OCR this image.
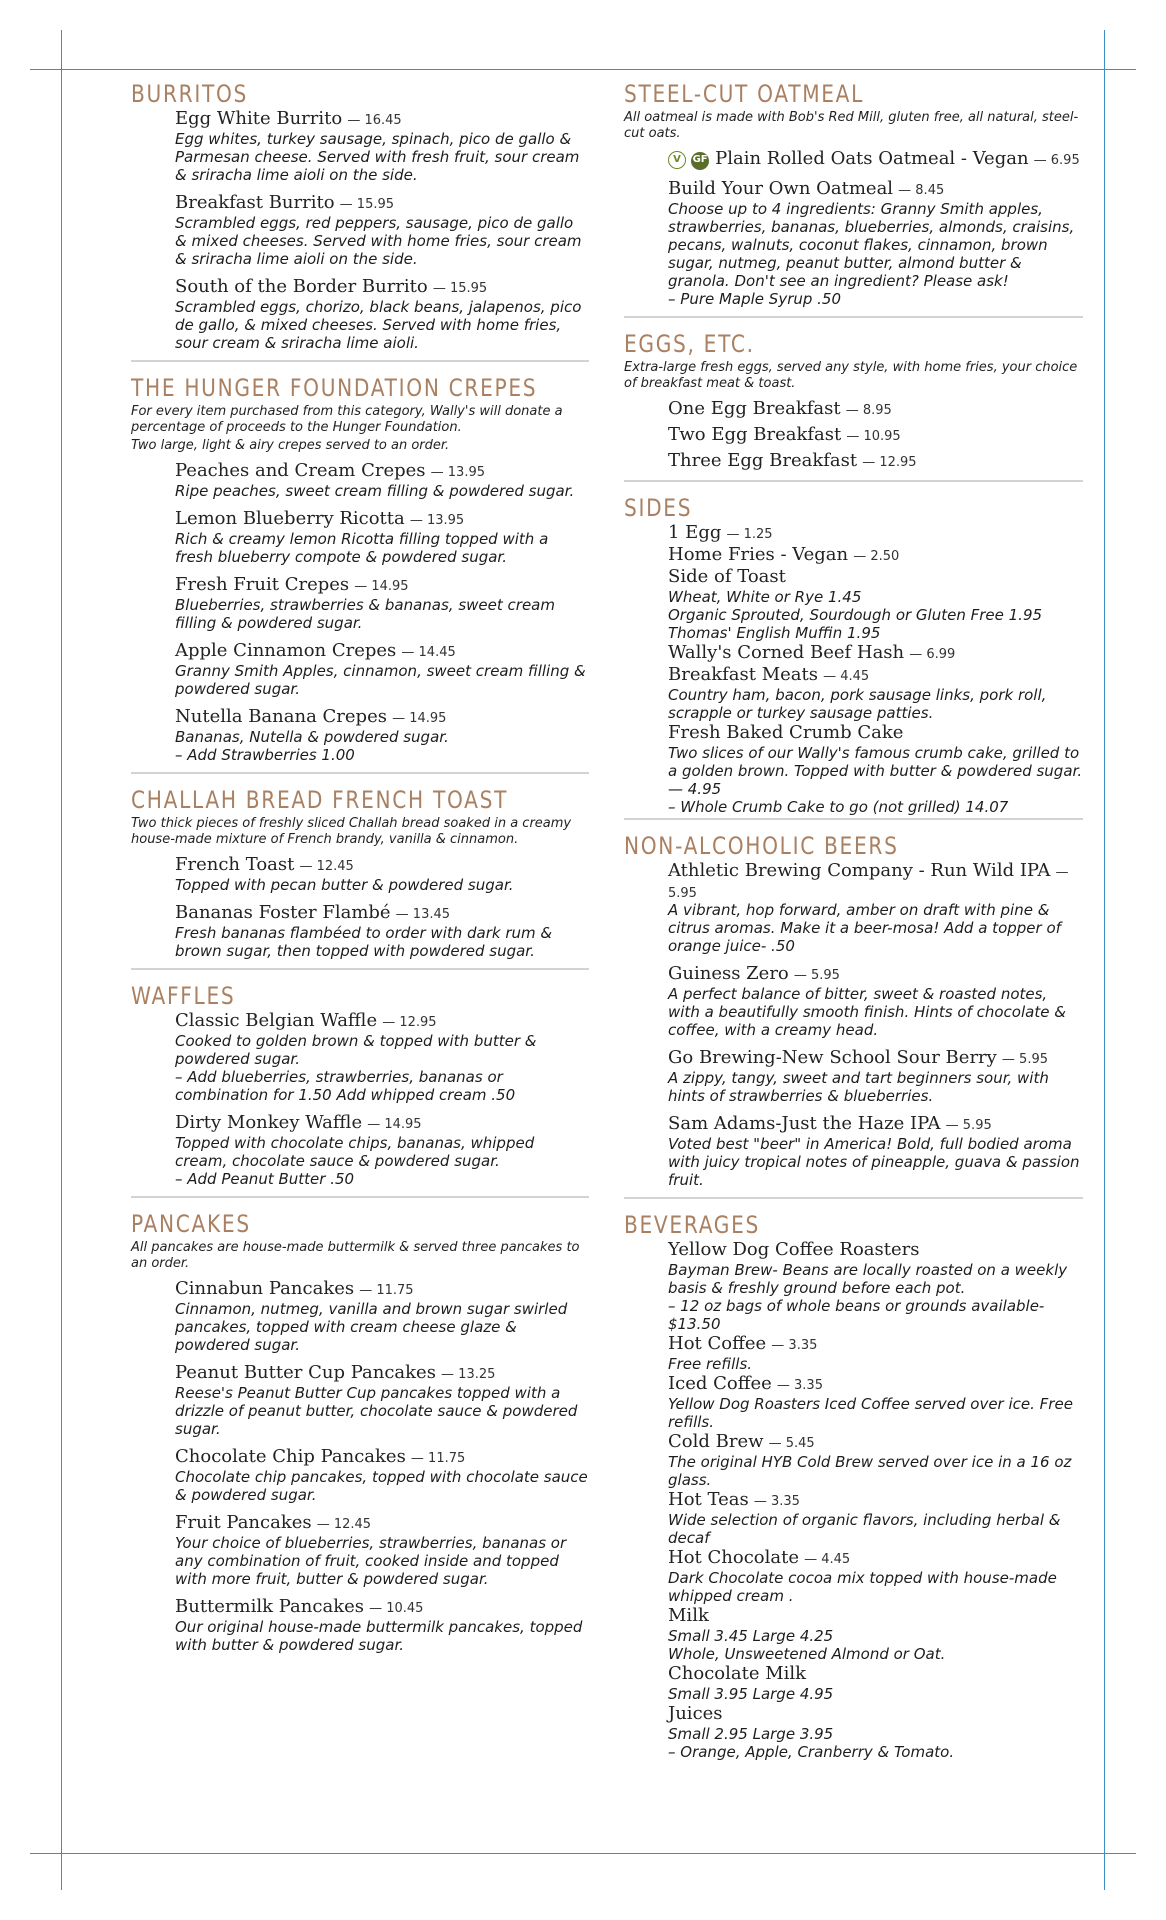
BURRITOS
Egg White Burrito — 16.45
Egg whites, turkey sausage, spinach, pico de gallo & Parmesan cheese. Served with fresh fruit, sour cream & sriracha lime aioli on the side.
Breakfast Burrito — 15.95
Scrambled eggs, red peppers, sausage, pico de gallo & mixed cheeses. Served with home fries, sour cream & sriracha lime aioli on the side.
South of the Border Burrito — 15.95
Scrambled eggs, chorizo, black beans, jalapenos, pico de gallo, & mixed cheeses. Served with home fries, sour cream & sriracha lime aioli.
THE HUNGER FOUNDATION CREPES
For every item purchased from this category, Wally's will donate a percentage of proceeds to the Hunger Foundation.
Two large, light & airy crepes served to an order.
Peaches and Cream Crepes — 13.95
Ripe peaches, sweet cream filling & powdered sugar.
Lemon Blueberry Ricotta — 13.95
Rich & creamy lemon Ricotta filling topped with a fresh blueberry compote & powdered sugar.
Fresh Fruit Crepes — 14.95
Blueberries, strawberries & bananas, sweet cream filling & powdered sugar.
Apple Cinnamon Crepes — 14.45
Granny Smith Apples, cinnamon, sweet cream filling & powdered sugar.
Nutella Banana Crepes — 14.95
Bananas, Nutella & powdered sugar.
– Add Strawberries 1.00
CHALLAH BREAD FRENCH TOAST
Two thick pieces of freshly sliced Challah bread soaked in a creamy house-made mixture of French brandy, vanilla & cinnamon.
French Toast — 12.45
Topped with pecan butter & powdered sugar.
Bananas Foster Flambé — 13.45
Fresh bananas flambéed to order with dark rum & brown sugar, then topped with powdered sugar.
WAFFLES
Classic Belgian Waffle — 12.95
Cooked to golden brown & topped with butter & powdered sugar.
– Add blueberries, strawberries, bananas or combination for 1.50 Add whipped cream .50
Dirty Monkey Waffle — 14.95
Topped with chocolate chips, bananas, whipped cream, chocolate sauce & powdered sugar.
– Add Peanut Butter .50
PANCAKES
All pancakes are house-made buttermilk & served three pancakes to an order.
Cinnabun Pancakes — 11.75
Cinnamon, nutmeg, vanilla and brown sugar swirled pancakes, topped with cream cheese glaze & powdered sugar.
Peanut Butter Cup Pancakes — 13.25
Reese's Peanut Butter Cup pancakes topped with a drizzle of peanut butter, chocolate sauce & powdered sugar.
Chocolate Chip Pancakes — 11.75
Chocolate chip pancakes, topped with chocolate sauce & powdered sugar.
Fruit Pancakes — 12.45
Your choice of blueberries, strawberries, bananas or any combination of fruit, cooked inside and topped with more fruit, butter & powdered sugar.
Buttermilk Pancakes — 10.45
Our original house-made buttermilk pancakes, topped with butter & powdered sugar.
STEEL-CUT OATMEAL
All oatmeal is made with Bob's Red Mill, gluten free, all natural, steel-cut oats.
V GF Plain Rolled Oats Oatmeal - Vegan — 6.95
Build Your Own Oatmeal — 8.45
Choose up to 4 ingredients: Granny Smith apples, strawberries, bananas, blueberries, almonds, craisins, pecans, walnuts, coconut flakes, cinnamon, brown sugar, nutmeg, peanut butter, almond butter & granola. Don't see an ingredient? Please ask!
– Pure Maple Syrup .50
EGGS, ETC.
Extra-large fresh eggs, served any style, with home fries, your choice of breakfast meat & toast.
One Egg Breakfast — 8.95
Two Egg Breakfast — 10.95
Three Egg Breakfast — 12.95
SIDES
1 Egg — 1.25
Home Fries - Vegan — 2.50
Side of Toast
Wheat, White or Rye 1.45
Organic Sprouted, Sourdough or Gluten Free 1.95
Thomas' English Muffin 1.95
Wally's Corned Beef Hash — 6.99
Breakfast Meats — 4.45
Country ham, bacon, pork sausage links, pork roll, scrapple or turkey sausage patties.
Fresh Baked Crumb Cake
Two slices of our Wally's famous crumb cake, grilled to a golden brown. Topped with butter & powdered sugar. — 4.95
– Whole Crumb Cake to go (not grilled) 14.07
NON-ALCOHOLIC BEERS
Athletic Brewing Company - Run Wild IPA — 5.95
A vibrant, hop forward, amber on draft with pine & citrus aromas. Make it a beer-mosa! Add a topper of orange juice- .50
Guiness Zero — 5.95
A perfect balance of bitter, sweet & roasted notes, with a beautifully smooth finish. Hints of chocolate & coffee, with a creamy head.
Go Brewing-New School Sour Berry — 5.95
A zippy, tangy, sweet and tart beginners sour, with hints of strawberries & blueberries.
Sam Adams-Just the Haze IPA — 5.95
Voted best "beer" in America! Bold, full bodied aroma with juicy tropical notes of pineapple, guava & passion fruit.
BEVERAGES
Yellow Dog Coffee Roasters
Bayman Brew- Beans are locally roasted on a weekly basis & freshly ground before each pot.
– 12 oz bags of whole beans or grounds available- $13.50
Hot Coffee — 3.35
Free refills.
Iced Coffee — 3.35
Yellow Dog Roasters Iced Coffee served over ice. Free refills.
Cold Brew — 5.45
The original HYB Cold Brew served over ice in a 16 oz glass.
Hot Teas — 3.35
Wide selection of organic flavors, including herbal & decaf
Hot Chocolate — 4.45
Dark Chocolate cocoa mix topped with house-made whipped cream .
Milk
Small 3.45 Large 4.25
Whole, Unsweetened Almond or Oat.
Chocolate Milk
Small 3.95 Large 4.95
Juices
Small 2.95 Large 3.95
– Orange, Apple, Cranberry & Tomato.
